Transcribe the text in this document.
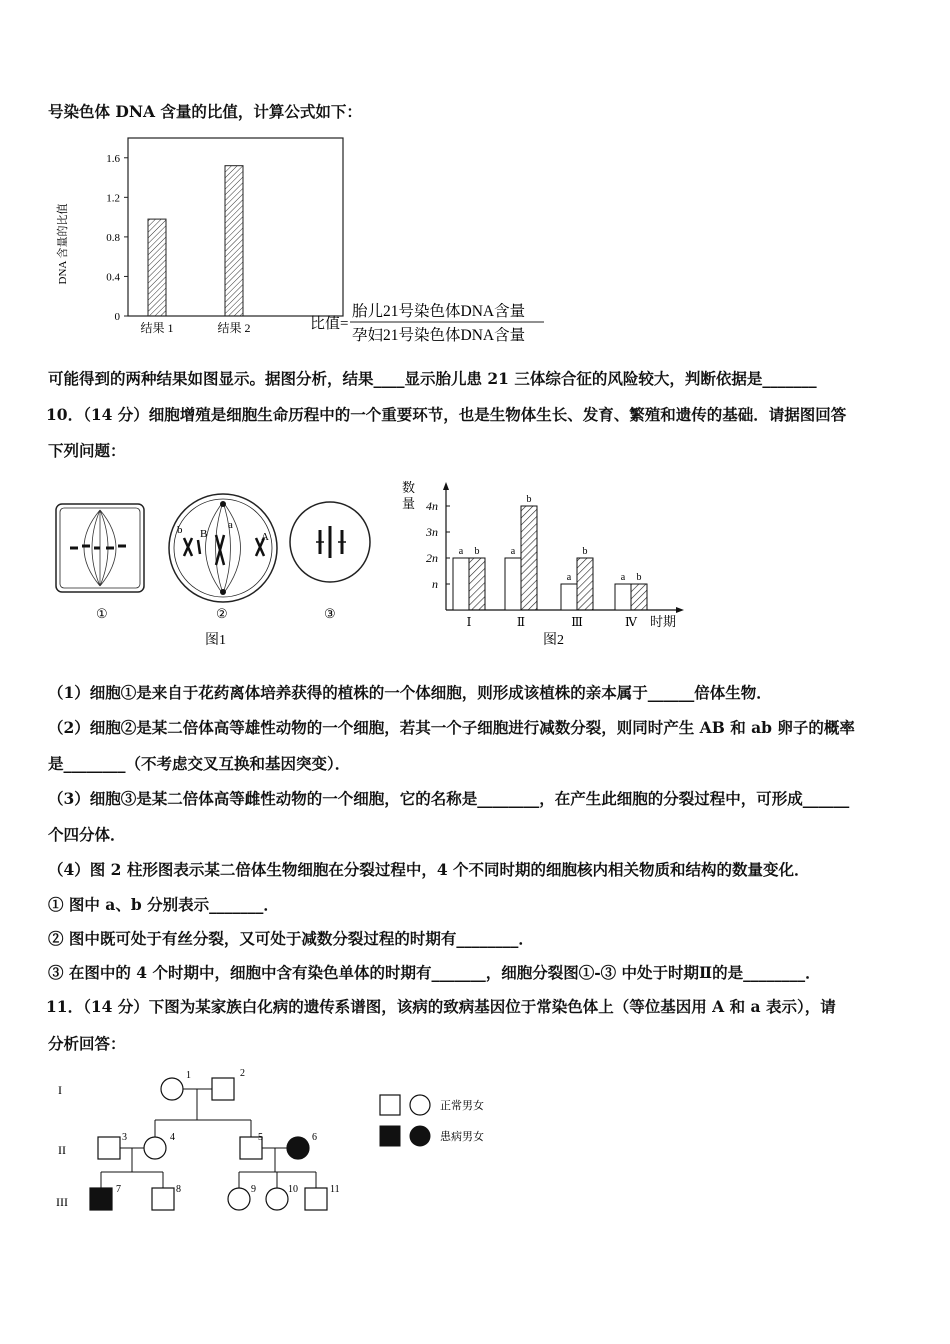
号染色体 DNA 含量的比值，计算公式如下：
DNA 含量的比值
0
0.4
0.8
1.2
1.6
结果 1	结果 2	比值=
胎儿21号染色体DNA含量
孕妇21号染色体DNA含量
可能得到的两种结果如图显示。据图分析，结果____显示胎儿患 21 三体综合征的风险较大，判断依据是_______
10．（14 分）细胞增殖是细胞生命历程中的一个重要环节，也是生物体生长、发育、繁殖和遗传的基础．请据图回答
下列问题：
①
b B
a
A
②	③
图1
数
量
n
2n
3n
4n
a b	a
b
a
b
a b
Ⅰ	Ⅱ	Ⅲ	Ⅳ 时期
图2
（1）细胞①是来自于花药离体培养获得的植株的一个体细胞，则形成该植株的亲本属于______倍体生物．
（2）细胞②是某二倍体高等雄性动物的一个细胞，若其一个子细胞进行减数分裂，则同时产生 AB 和 ab 卵子的概率
是________（不考虑交叉互换和基因突变）．
（3）细胞③是某二倍体高等雌性动物的一个细胞，它的名称是________，在产生此细胞的分裂过程中，可形成______
个四分体．
（4）图 2 柱形图表示某二倍体生物细胞在分裂过程中，4 个不同时期的细胞核内相关物质和结构的数量变化．
① 图中 a、b 分别表示_______．
② 图中既可处于有丝分裂，又可处于减数分裂过程的时期有________．
③ 在图中的 4 个时期中，细胞中含有染色单体的时期有_______，细胞分裂图①-③ 中处于时期Ⅱ的是________．
11．（14 分）下图为某家族白化病的遗传系谱图，该病的致病基因位于常染色体上（等位基因用 A 和 a 表示），请
分析回答：
I
II
III
1	2
3	4	5	6
7	8	9	10	11
正常男女
患病男女
